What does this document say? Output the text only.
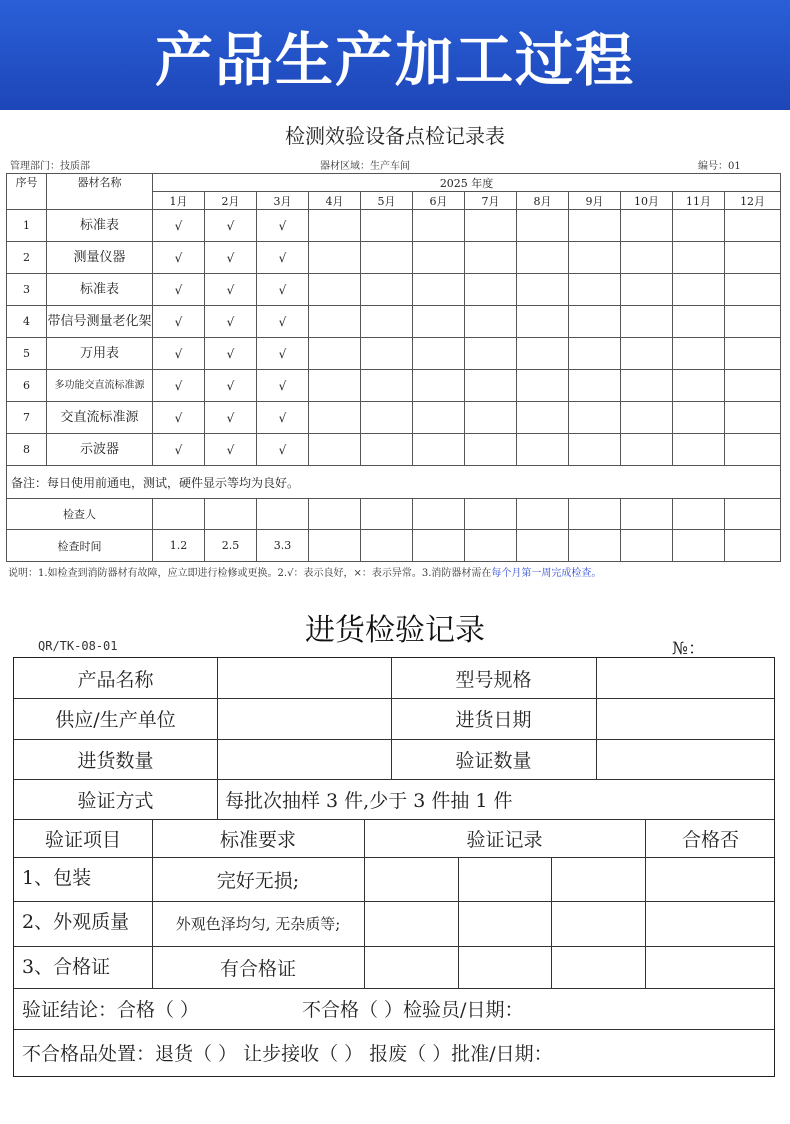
产品生产加工过程
检测效验设备点检记录表
管理部门：技质部	器材区域：生产车间	编号：01
序号	器材名称	2025 年度											
		1月	2月	3月	4月	5月	6月	7月	8月	9月	10月	11月	12月
1	标准表	√	√	√									
2	测量仪器	√	√	√									
3	标准表	√	√	√									
4	带信号测量老化架	√	√	√									
5	万用表	√	√	√									
6	多功能交直流标准源	√	√	√									
7	交直流标准源	√	√	√									
8	示波器	√	√	√									
备注：每日使用前通电，测试，硬件显示等均为良好。													
检查人													
检查时间		1.2	2.5	3.3									
说明：1.如检查到消防器材有故障，应立即进行检修或更换。2.√：表示良好，×：表示异常。3.消防器材需在每个月第一周完成检查。
进货检验记录
QR/TK-08-01	№：
产品名称	型号规格
供应/生产单位	进货日期
进货数量	验证数量
验证方式	每批次抽样 3 件,少于 3 件抽 1 件
验证项目	标准要求	验证记录	合格否
1、包装	完好无损;
2、外观质量	外观色泽均匀, 无杂质等;
3、合格证	有合格证
验证结论：合格（ ）	不合格（ ）检验员/日期：
不合格品处置：退货（ ） 让步接收（ ） 报废（ ）批准/日期：
